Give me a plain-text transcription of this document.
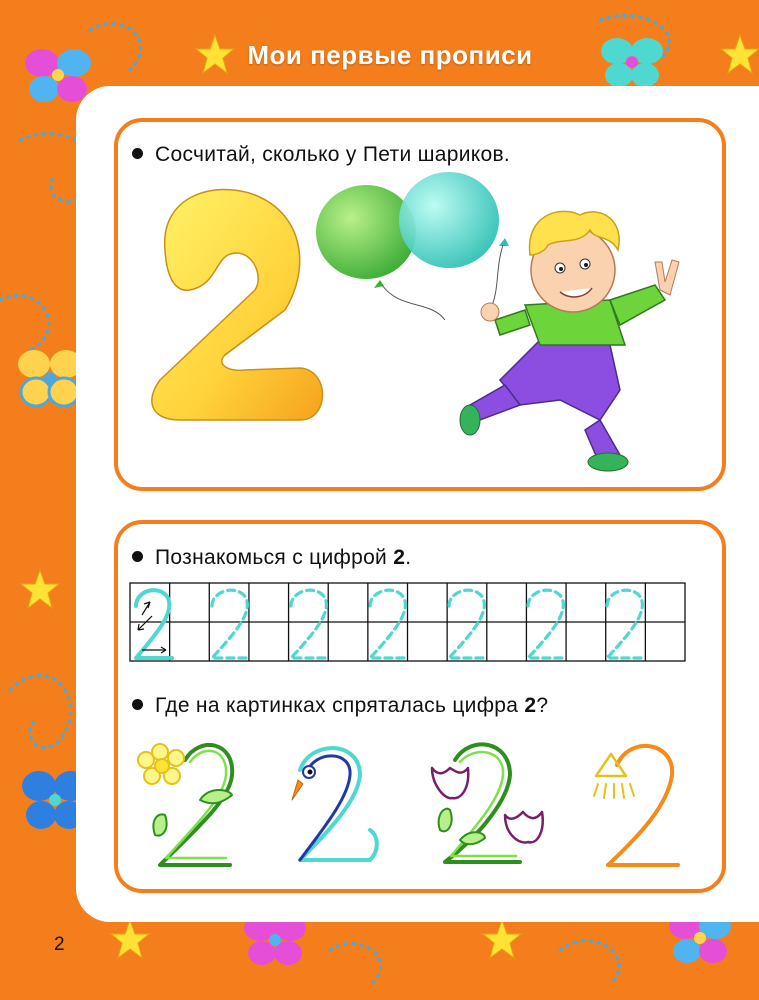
Мои первые прописи
Сосчитай, сколько у Пети шариков.
Познакомься с цифрой 2.
Где на картинках спряталась цифра 2?
2
